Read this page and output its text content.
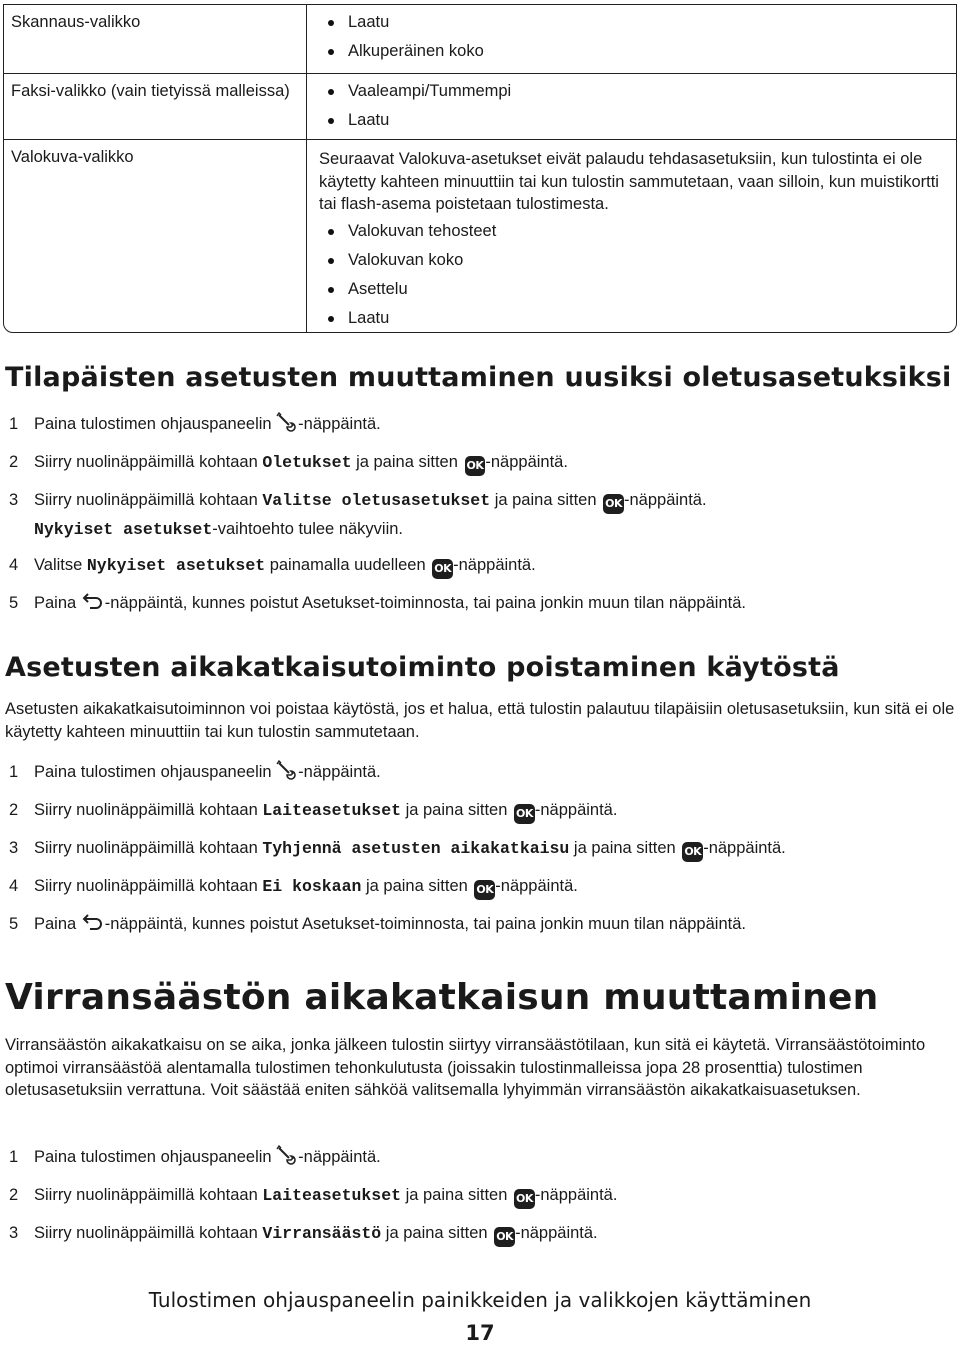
Skannaus-valikko	Laatu
Alkuperäinen koko
Faksi-valikko (vain tietyissä malleissa)	Vaaleampi/Tummempi
Laatu
Valokuva-valikko	Seuraavat Valokuva-asetukset eivät palaudu tehdasasetuksiin, kun tulostinta ei ole käytetty kahteen minuuttiin tai kun tulostin sammutetaan, vaan silloin, kun muistikortti tai flash-asema poistetaan tulostimesta.
Valokuvan tehosteet
Valokuvan koko
Asettelu
Laatu
Tilapäisten asetusten muuttaminen uusiksi oletusasetuksiksi
1 Paina tulostimen ohjauspaneelin -näppäintä.
2 Siirry nuolinäppäimillä kohtaan Oletukset ja paina sitten OK -näppäintä.
3 Siirry nuolinäppäimillä kohtaan Valitse oletusasetukset ja paina sitten OK -näppäintä.
Nykyiset asetukset-vaihtoehto tulee näkyviin.
4 Valitse Nykyiset asetukset painamalla uudelleen OK -näppäintä.
5 Paina -näppäintä, kunnes poistut Asetukset-toiminnosta, tai paina jonkin muun tilan näppäintä.
Asetusten aikakatkaisutoiminto poistaminen käytöstä

Asetusten aikakatkaisutoiminnon voi poistaa käytöstä, jos et halua, että tulostin palautuu tilapäisiin oletusasetuksiin, kun sitä ei ole käytetty kahteen minuuttiin tai kun tulostin sammutetaan.

1 Paina tulostimen ohjauspaneelin -näppäintä.
2 Siirry nuolinäppäimillä kohtaan Laiteasetukset ja paina sitten OK -näppäintä.
3 Siirry nuolinäppäimillä kohtaan Tyhjennä asetusten aikakatkaisu ja paina sitten OK -näppäintä.
4 Siirry nuolinäppäimillä kohtaan Ei koskaan ja paina sitten OK -näppäintä.
5 Paina -näppäintä, kunnes poistut Asetukset-toiminnosta, tai paina jonkin muun tilan näppäintä.
Virransäästön aikakatkaisun muuttaminen

Virransäästön aikakatkaisu on se aika, jonka jälkeen tulostin siirtyy virransäästötilaan, kun sitä ei käytetä. Virransäästötoiminto optimoi virransäästöä alentamalla tulostimen tehonkulutusta (joissakin tulostinmalleissa jopa 28 prosenttia) tulostimen oletusasetuksiin verrattuna. Voit säästää eniten sähköä valitsemalla lyhyimmän virransäästön aikakatkaisuasetuksen.

1 Paina tulostimen ohjauspaneelin -näppäintä.
2 Siirry nuolinäppäimillä kohtaan Laiteasetukset ja paina sitten OK -näppäintä.
3 Siirry nuolinäppäimillä kohtaan Virransäästö ja paina sitten OK -näppäintä.
Tulostimen ohjauspaneelin painikkeiden ja valikkojen käyttäminen
17
